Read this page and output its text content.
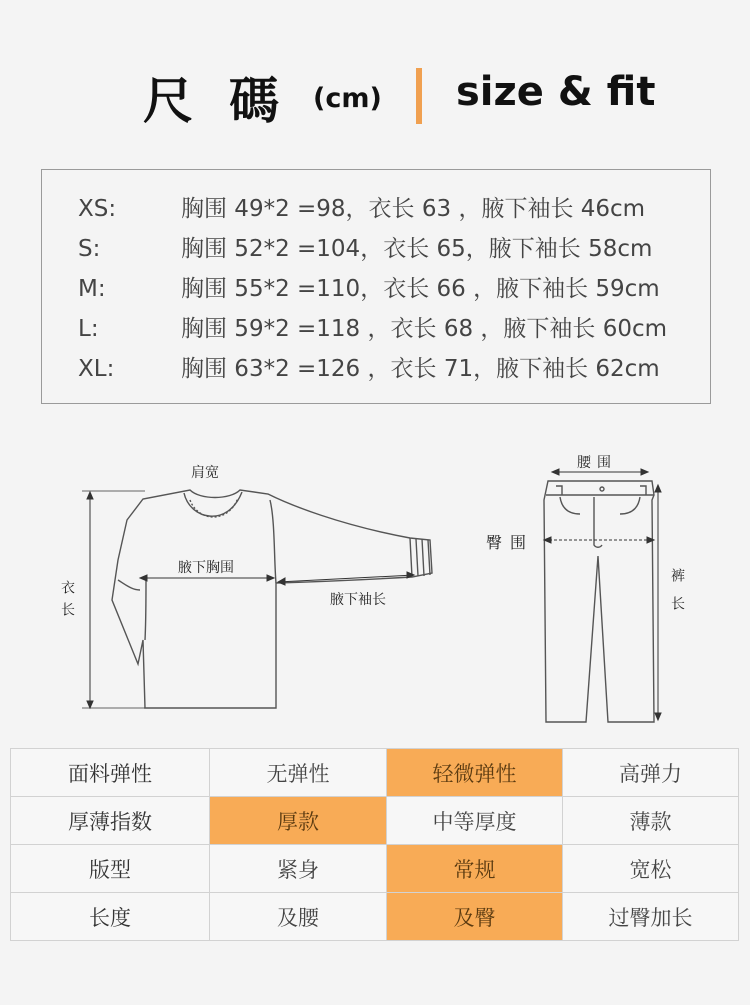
尺碼
(cm) size & fit
XS:	胸围 49*2 =98，衣长 63 ，腋下袖长 46cm
S:	胸围 52*2 =104，衣长 65，腋下袖长 58cm
M:	胸围 55*2 =110，衣长 66 ，腋下袖长 59cm
L:	胸围 59*2 =118 ，衣长 68 ，腋下袖长 60cm
XL:	胸围 63*2 =126 ，衣长 71，腋下袖长 62cm
肩宽
腋下胸围
腋下袖长
衣长
腰围
臀围
裤长
面料弹性	无弹性	轻微弹性	高弹力
厚薄指数	厚款	中等厚度	薄款
版型	紧身	常规	宽松
长度	及腰	及臀	过臀加长
